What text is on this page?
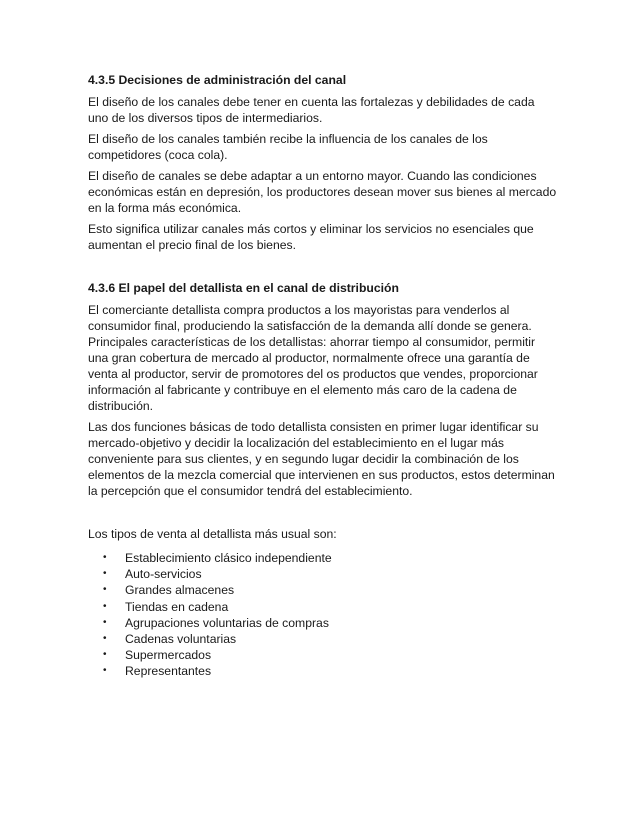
4.3.5 Decisiones de administración del canal

El diseño de los canales debe tener en cuenta las fortalezas y debilidades de cada uno de los diversos tipos de intermediarios.

El diseño de los canales también recibe la influencia de los canales de los competidores (coca cola).

El diseño de canales se debe adaptar a un entorno mayor. Cuando las condiciones económicas están en depresión, los productores desean mover sus bienes al mercado en la forma más económica.

Esto significa utilizar canales más cortos y eliminar los servicios no esenciales que aumentan el precio final de los bienes.

4.3.6 El papel del detallista en el canal de distribución

El comerciante detallista compra productos a los mayoristas para venderlos al consumidor final, produciendo la satisfacción de la demanda allí donde se genera. Principales características de los detallistas: ahorrar tiempo al consumidor, permitir una gran cobertura de mercado al productor, normalmente ofrece una garantía de venta al productor, servir de promotores del os productos que vendes, proporcionar información al fabricante y contribuye en el elemento más caro de la cadena de distribución.

Las dos funciones básicas de todo detallista consisten en primer lugar identificar su mercado-objetivo y decidir la localización del establecimiento en el lugar más conveniente para sus clientes, y en segundo lugar decidir la combinación de los elementos de la mezcla comercial que intervienen en sus productos, estos determinan la percepción que el consumidor tendrá del establecimiento.

Los tipos de venta al detallista más usual son:

• Establecimiento clásico independiente
• Auto-servicios
• Grandes almacenes
• Tiendas en cadena
• Agrupaciones voluntarias de compras
• Cadenas voluntarias
• Supermercados
• Representantes
